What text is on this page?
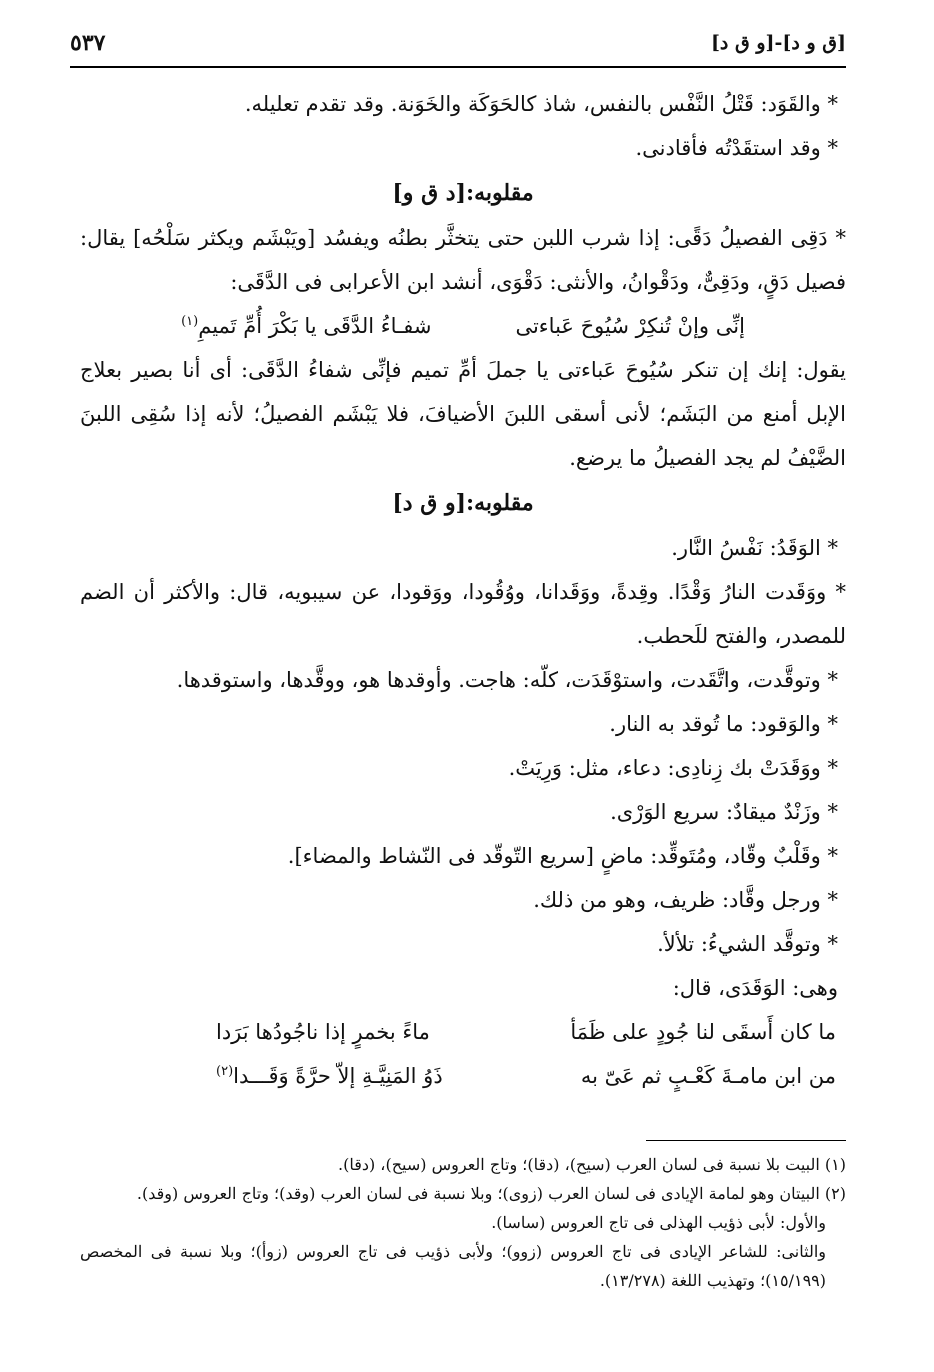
[ق و د]-[و ق د]
٥٣٧

* والقَوَد: قَتْلُ النَّفْس بالنفس، شاذ كالحَوَكَة والخَوَنة. وقد تقدم تعليله.

* وقد استقَدْتُه فأقادنى.

مقلوبه:[د ق و]

* دَقِى الفصيلُ دَقًى: إذا شرب اللبن حتى يتخثَّر بطنُه ويفسُد [ويَبْشَم ويكثر سَلْحُه] يقال: فصيل دَقٍ، ودَقِىٌّ، ودَقْوانُ، والأنثى: دَقْوَى، أنشد ابن الأعرابى فى الدَّقَى:

إنِّى وإنْ تُنكِرْ سُيُوحَ عَباءتى
شفـاءُ الدَّقَى يا بَكْرَ أُمِّ تَميمِ$^{(١)}$

يقول: إنك إن تنكر سُيُوحَ عَباءتى يا جملَ أمِّ تميم فإنِّى شفاءُ الدَّقَى: أى أنا بصير بعلاج الإبل أمنع من البَشَم؛ لأنى أسقى اللبنَ الأضيافَ، فلا يَبْشَم الفصيلُ؛ لأنه إذا سُقِى اللبنَ الضَّيْفُ لم يجد الفصيلُ ما يرضع.

مقلوبه:[و ق د]

* الوَقَدُ: نَفْسُ النَّار.

* ووَقَدت النارُ وَقْدًا. وقِدةً، ووَقَدانا، ووُقُودا، ووَقودا، عن سيبويه، قال: والأكثر أن الضم للمصدر، والفتح للَحطب.

* وتوقَّدت، واتَّقَدت، واستوْقَدَت، كلّه: هاجت. وأوقدها هو، ووقَّدها، واستوقدها.

* والوَقود: ما تُوقد به النار.

* ووَقَدَتْ بك زِنادِى: دعاء، مثل: وَرِيَتْ.

* وزَنْدٌ ميقادٌ: سريع الوَرْى.

* وقَلْبٌ وقّاد، ومُتَوقِّد: ماضٍ [سريع التّوقّد فى النّشاط والمضاء].

* ورجل وقَّاد: ظريف، وهو من ذلك.

* وتوقَّد الشيءُ: تلألأ.

وهى: الوَقَدَى، قال:

ما كان أَسقَى لنا جُودٍ على ظَمَأ
ماءً بخمرٍ إذا ناجُودُها بَرَدا
من ابن مامـةَ كَعْـبٍ ثم عَىّ به
ذَوُ المَنِيَّـةِ إلاّ حرَّةً وَقَـــدا$^{(٢)}$

(١) البيت بلا نسبة فى لسان العرب (سيح)، (دقا)؛ وتاج العروس (سيح)، (دقا).

(٢) البيتان وهو لمامة الإيادى فى لسان العرب (زوى)؛ وبلا نسبة فى لسان العرب (وقد)؛ وتاج العروس (وقد).

والأول: لأبى ذؤيب الهذلى فى تاج العروس (ساسا).

والثانى: للشاعر الإيادى فى تاج العروس (زوو)؛ ولأبى ذؤيب فى تاج العروس (زوأ)؛ وبلا نسبة فى المخصص (١٥/١٩٩)؛ وتهذيب اللغة (١٣/٢٧٨).
